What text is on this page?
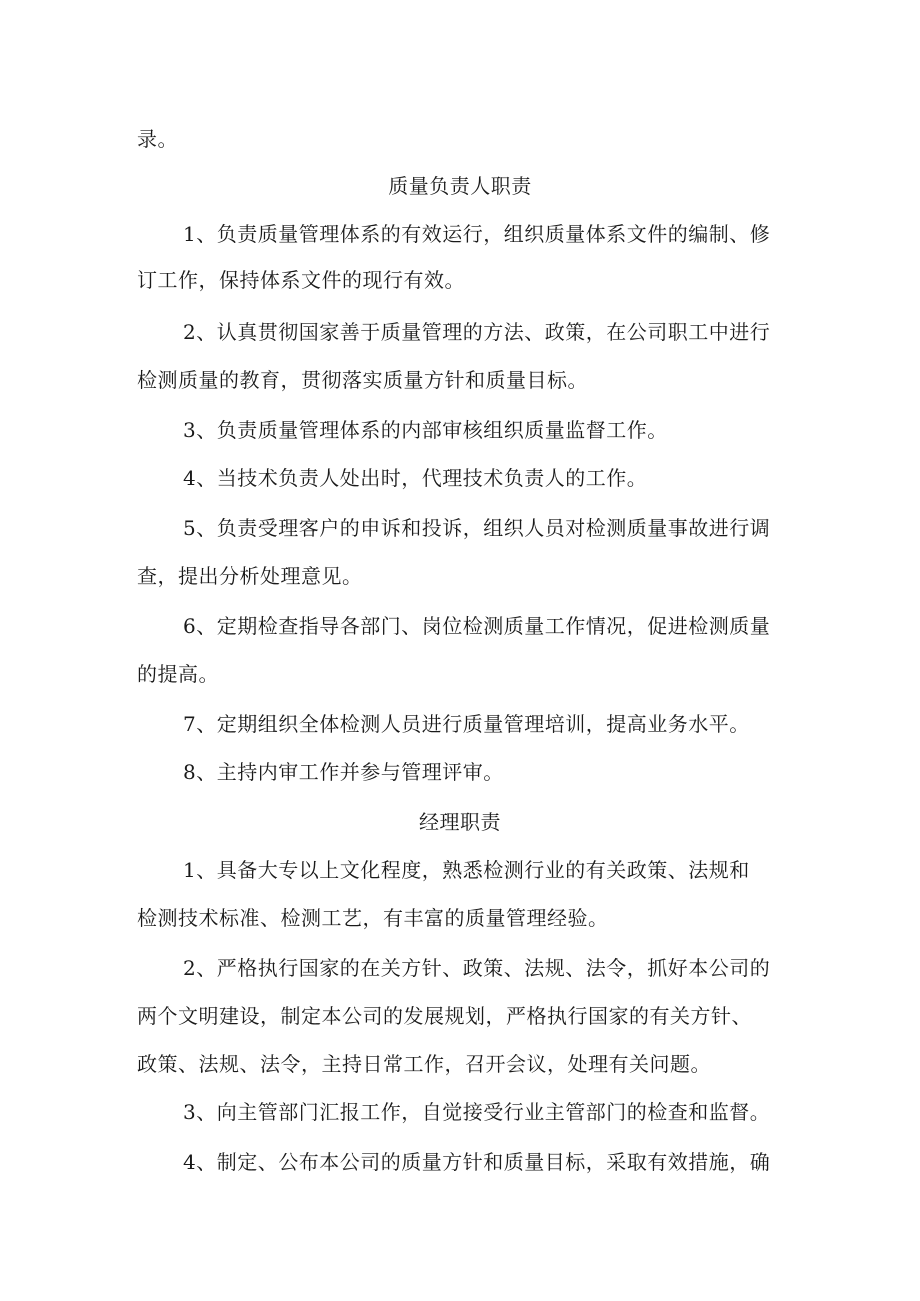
录。
质量负责人职责
1、负责质量管理体系的有效运行，组织质量体系文件的编制、修
订工作，保持体系文件的现行有效。
2、认真贯彻国家善于质量管理的方法、政策，在公司职工中进行
检测质量的教育，贯彻落实质量方针和质量目标。
3、负责质量管理体系的内部审核组织质量监督工作。
4、当技术负责人处出时，代理技术负责人的工作。
5、负责受理客户的申诉和投诉，组织人员对检测质量事故进行调
查，提出分析处理意见。
6、定期检查指导各部门、岗位检测质量工作情况，促进检测质量
的提高。
7、定期组织全体检测人员进行质量管理培训，提高业务水平。
8、主持内审工作并参与管理评审。
经理职责
1、具备大专以上文化程度，熟悉检测行业的有关政策、法规和
检测技术标准、检测工艺，有丰富的质量管理经验。
2、严格执行国家的在关方针、政策、法规、法令，抓好本公司的
两个文明建设，制定本公司的发展规划，严格执行国家的有关方针、
政策、法规、法令，主持日常工作，召开会议，处理有关问题。
3、向主管部门汇报工作，自觉接受行业主管部门的检查和监督。
4、制定、公布本公司的质量方针和质量目标，采取有效措施，确
